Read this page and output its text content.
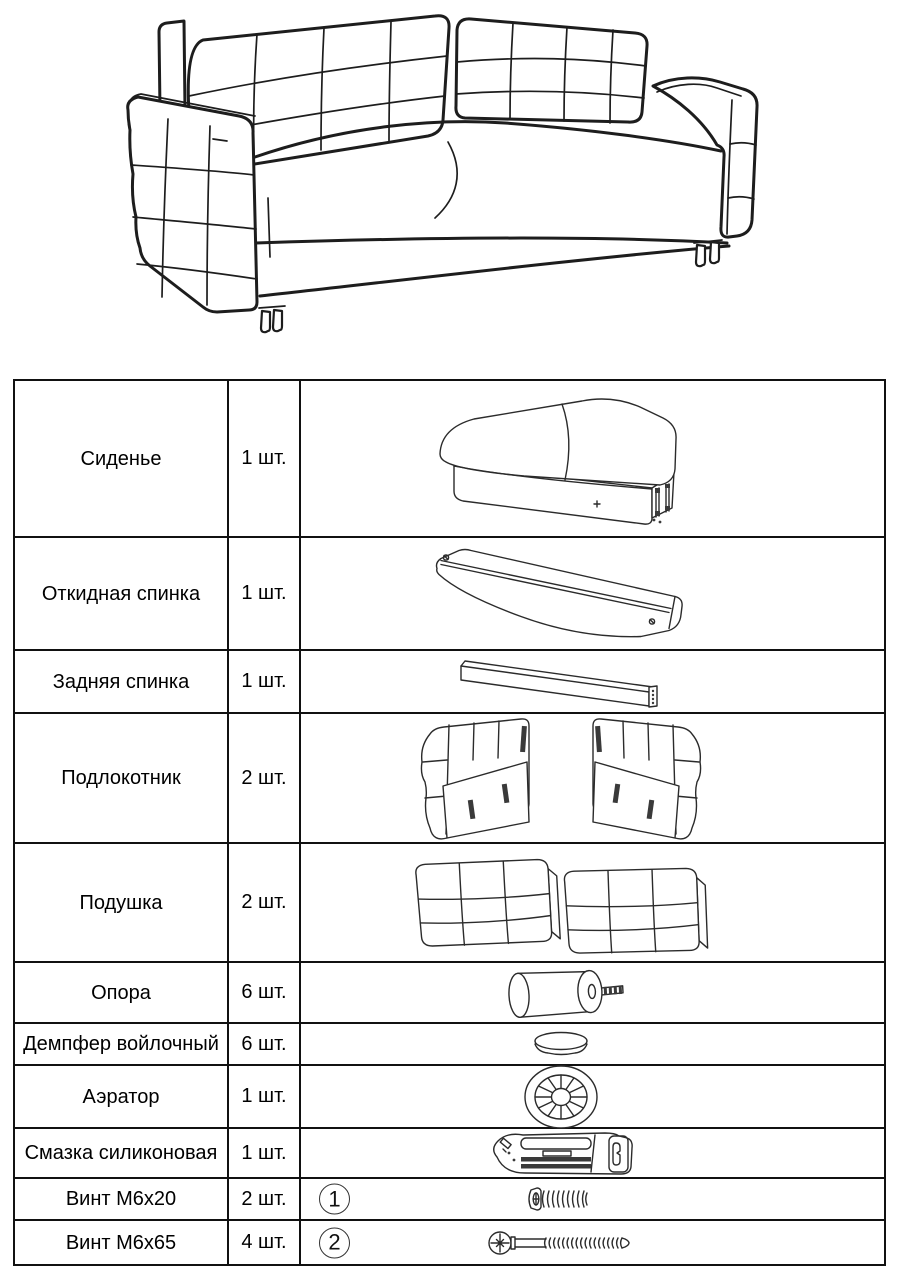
Сиденье	1 шт.
Откидная спинка	1 шт.
Задняя спинка	1 шт.
Подлокотник	2 шт.
Подушка	2 шт.
Опора	6 шт.
Демпфер войлочный	6 шт.
Аэратор	1 шт.
Смазка силиконовая	1 шт.
Винт М6х20	2 шт.	1
Винт М6х65	4 шт.	2
